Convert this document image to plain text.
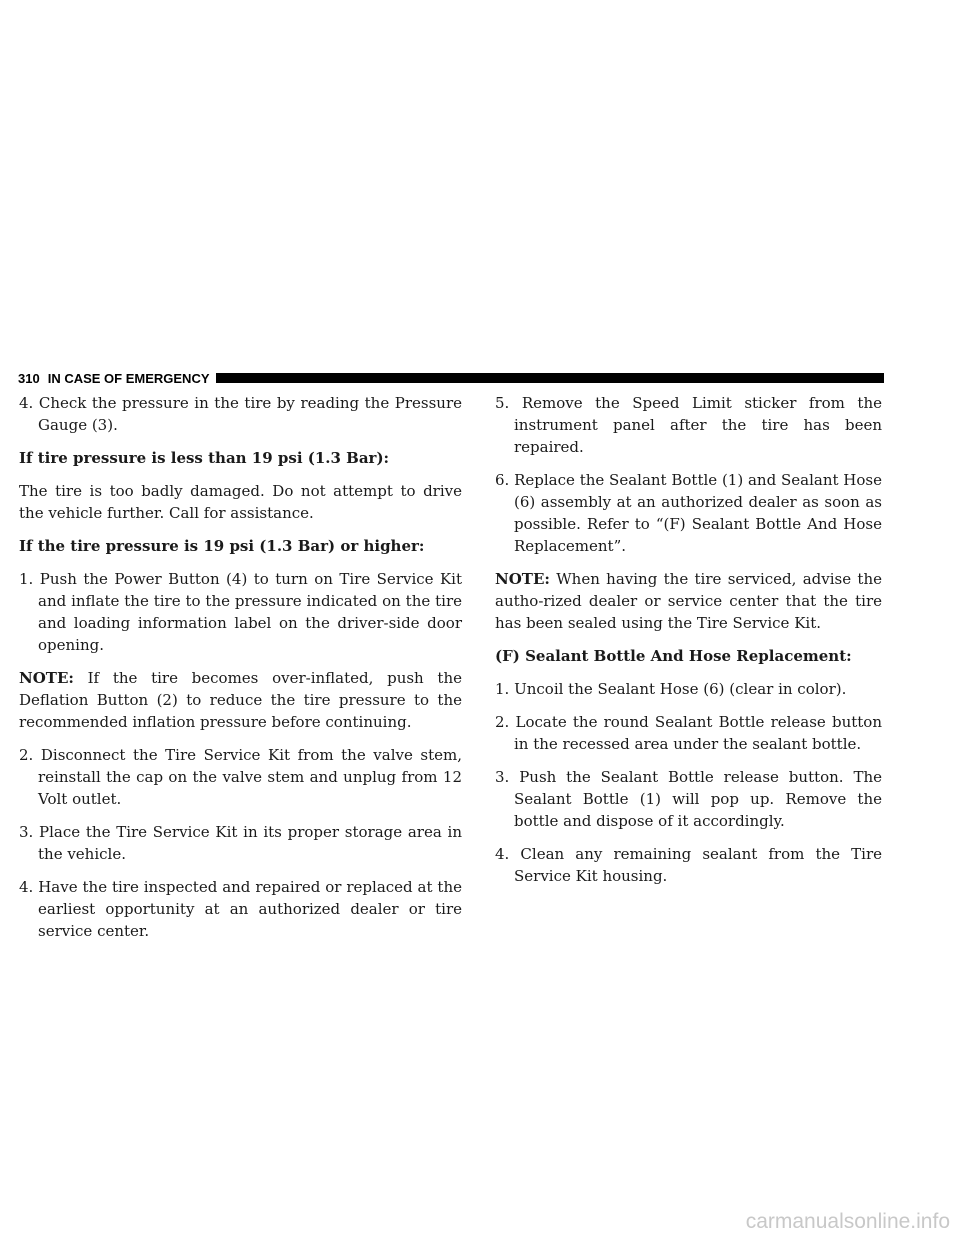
310 IN CASE OF EMERGENCY

4. Check the pressure in the tire by reading the Pressure Gauge (3).

If tire pressure is less than 19 psi (1.3 Bar):

The tire is too badly damaged. Do not attempt to drive the vehicle further. Call for assistance.

If the tire pressure is 19 psi (1.3 Bar) or higher:

1. Push the Power Button (4) to turn on Tire Service Kit and inflate the tire to the pressure indicated on the tire and loading information label on the driver-side door opening.

NOTE: If the tire becomes over-inflated, push the Deflation Button (2) to reduce the tire pressure to the recommended inflation pressure before continuing.

2. Disconnect the Tire Service Kit from the valve stem, reinstall the cap on the valve stem and unplug from 12 Volt outlet.

3. Place the Tire Service Kit in its proper storage area in the vehicle.

4. Have the tire inspected and repaired or replaced at the earliest opportunity at an authorized dealer or tire service center.

5. Remove the Speed Limit sticker from the instrument panel after the tire has been repaired.

6. Replace the Sealant Bottle (1) and Sealant Hose (6) assembly at an authorized dealer as soon as possible. Refer to “(F) Sealant Bottle And Hose Replacement”.

NOTE: When having the tire serviced, advise the autho-rized dealer or service center that the tire has been sealed using the Tire Service Kit.

(F) Sealant Bottle And Hose Replacement:

1. Uncoil the Sealant Hose (6) (clear in color).

2. Locate the round Sealant Bottle release button in the recessed area under the sealant bottle.

3. Push the Sealant Bottle release button. The Sealant Bottle (1) will pop up. Remove the bottle and dispose of it accordingly.

4. Clean any remaining sealant from the Tire Service Kit housing.

carmanualsonline.info
